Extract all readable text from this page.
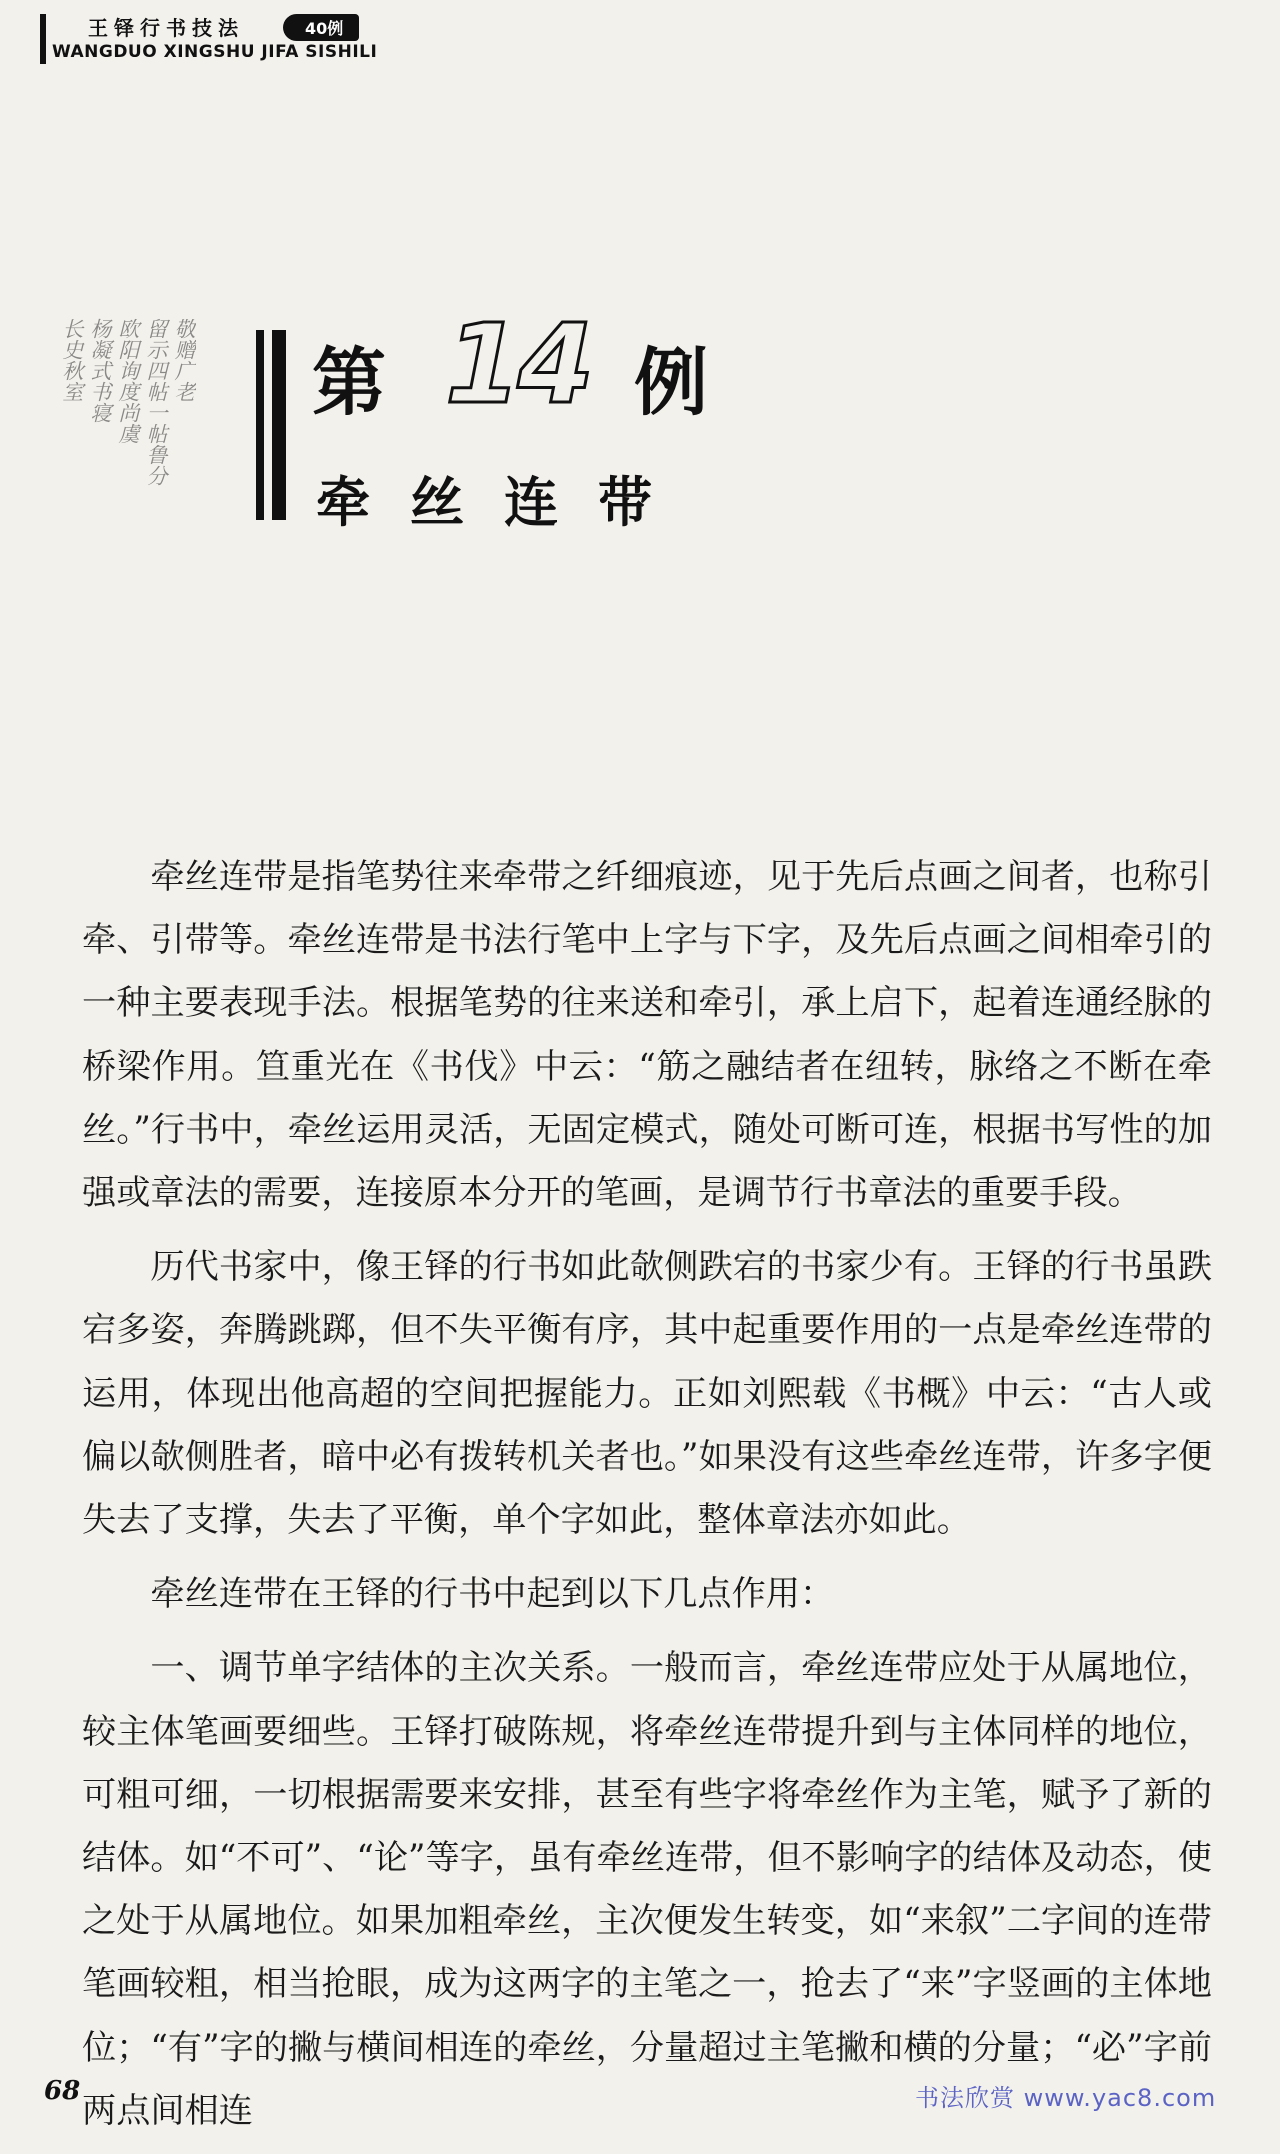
王铎行书技法	40例
WANGDUO XINGSHU JIFA SISHILI
敬赠广老
留示四帖一帖鲁分
欧阳询度尚虞
杨凝式书寝
长史秋室	第 14 例
牵丝连带

牵丝连带是指笔势往来牵带之纤细痕迹，见于先后点画之间者，也称引牵、引带等。牵丝连带是书法行笔中上字与下字，及先后点画之间相牵引的一种主要表现手法。根据笔势的往来送和牵引，承上启下，起着连通经脉的桥梁作用。笪重光在《书伐》中云：“筋之融结者在纽转，脉络之不断在牵丝。”行书中，牵丝运用灵活，无固定模式，随处可断可连，根据书写性的加强或章法的需要，连接原本分开的笔画，是调节行书章法的重要手段。

历代书家中，像王铎的行书如此欹侧跌宕的书家少有。王铎的行书虽跌宕多姿，奔腾跳踯，但不失平衡有序，其中起重要作用的一点是牵丝连带的运用，体现出他高超的空间把握能力。正如刘熙载《书概》中云：“古人或偏以欹侧胜者，暗中必有拨转机关者也。”如果没有这些牵丝连带，许多字便失去了支撑，失去了平衡，单个字如此，整体章法亦如此。

牵丝连带在王铎的行书中起到以下几点作用：

一、调节单字结体的主次关系。一般而言，牵丝连带应处于从属地位，较主体笔画要细些。王铎打破陈规，将牵丝连带提升到与主体同样的地位，可粗可细，一切根据需要来安排，甚至有些字将牵丝作为主笔，赋予了新的结体。如“不可”、“论”等字，虽有牵丝连带，但不影响字的结体及动态，使之处于从属地位。如果加粗牵丝，主次便发生转变，如“来叙”二字间的连带笔画较粗，相当抢眼，成为这两字的主笔之一，抢去了“来”字竖画的主体地位；“有”字的撇与横间相连的牵丝，分量超过主笔撇和横的分量；“必”字前两点间相连

68	书法欣赏 www.yac8.com
